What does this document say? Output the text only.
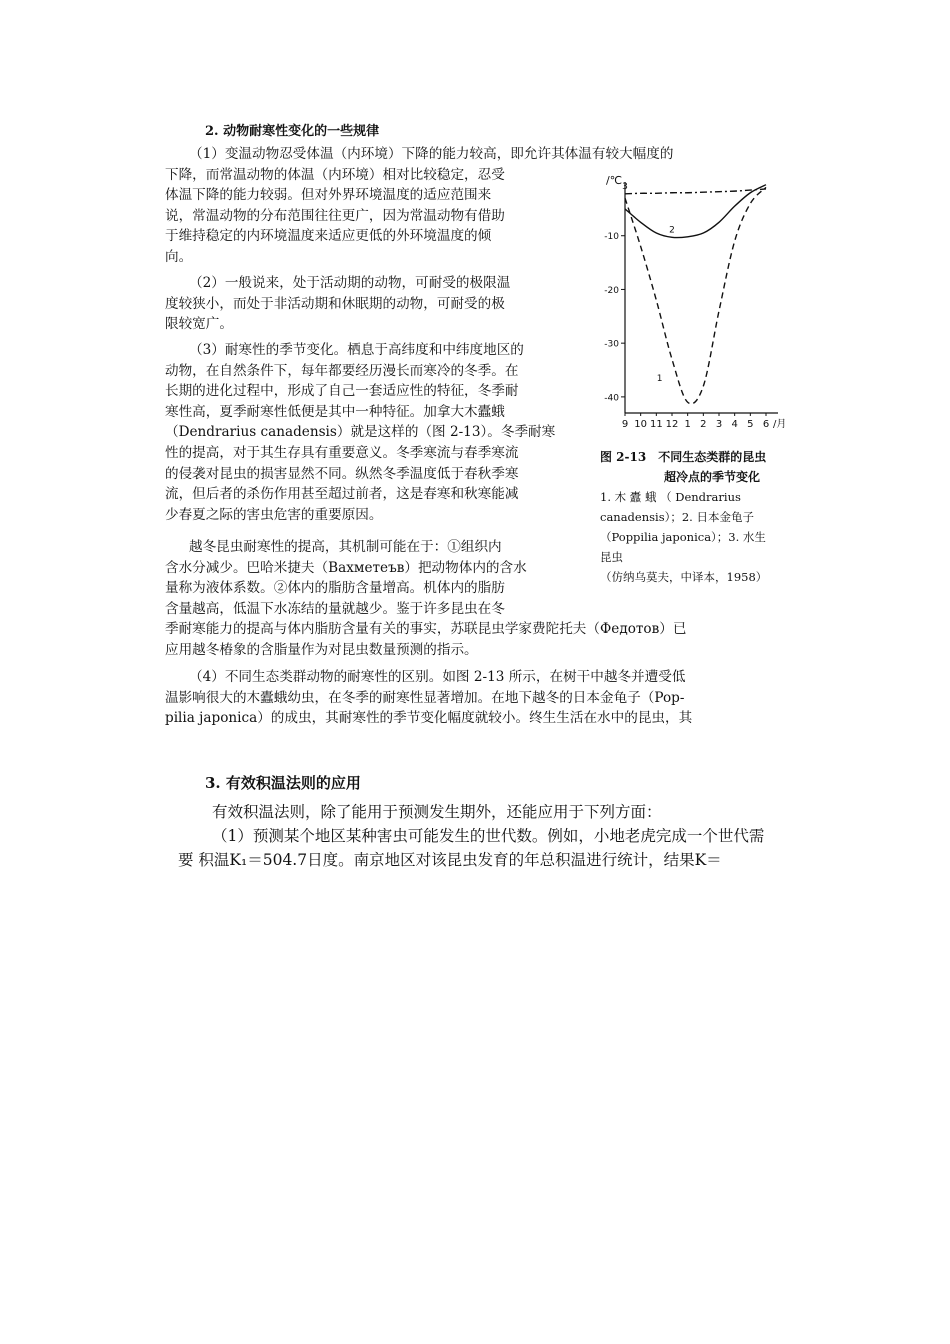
2. 动物耐寒性变化的一些规律
（1）变温动物忍受体温（内环境）下降的能力较高，即允许其体温有较大幅度的
下降，而常温动物的体温（内环境）相对比较稳定，忍受
体温下降的能力较弱。但对外界环境温度的适应范围来
说，常温动物的分布范围往往更广，因为常温动物有借助
于维持稳定的内环境温度来适应更低的外环境温度的倾
向。
（2）一般说来，处于活动期的动物，可耐受的极限温
度较狭小，而处于非活动期和休眠期的动物，可耐受的极
限较宽广。
（3）耐寒性的季节变化。栖息于高纬度和中纬度地区的
动物，在自然条件下，每年都要经历漫长而寒冷的冬季。在
长期的进化过程中，形成了自己一套适应性的特征，冬季耐
寒性高，夏季耐寒性低便是其中一种特征。加拿大木蠹蛾
（Dendrarius canadensis）就是这样的（图 2-13）。冬季耐寒
性的提高，对于其生存具有重要意义。冬季寒流与春季寒流
的侵袭对昆虫的损害显然不同。纵然冬季温度低于春秋季寒
流，但后者的杀伤作用甚至超过前者，这是春寒和秋寒能减
少春夏之际的害虫危害的重要原因。
越冬昆虫耐寒性的提高，其机制可能在于：①组织内
含水分减少。巴哈米捷夫（Вахметеъв）把动物体内的含水
量称为液体系数。②体内的脂肪含量增高。机体内的脂肪
含量越高，低温下水冻结的量就越少。鉴于许多昆虫在冬
季耐寒能力的提高与体内脂肪含量有关的事实，苏联昆虫学家费陀托夫（Федотов）已
应用越冬椿象的含脂量作为对昆虫数量预测的指示。
（4）不同生态类群动物的耐寒性的区别。如图 2-13 所示，在树干中越冬并遭受低
温影响很大的木蠹蛾幼虫，在冬季的耐寒性显著增加。在地下越冬的日本金龟子（Pop-
pilia japonica）的成虫，其耐寒性的季节变化幅度就较小。终生生活在水中的昆虫，其
/℃
-40
-30
-20
-10
9 10 11 12 1 2 3 4 5 6 /月
1
2
3
图 2-13　不同生态类群的昆虫
超冷点的季节变化
1. 木 蠹 蛾 （ Dendrarius
canadensis）；2. 日本金龟子
（Poppilia japonica）；3. 水生
昆虫
（仿纳乌莫夫，中译本，1958）
3. 有效积温法则的应用
有效积温法则，除了能用于预测发生期外，还能应用于下列方面：
（1）预测某个地区某种害虫可能发生的世代数。例如，小地老虎完成一个世代需
要 积温K₁＝504.7日度。南京地区对该昆虫发育的年总积温进行统计，结果K＝
